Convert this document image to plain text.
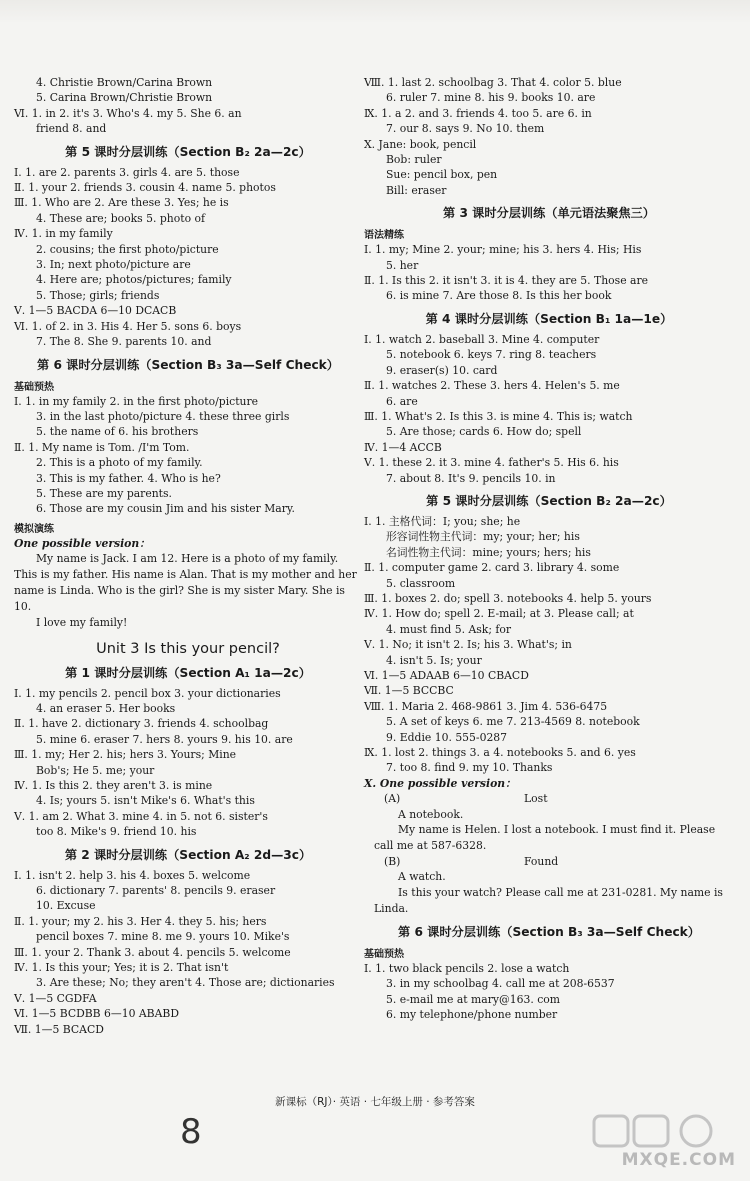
4. Christie Brown/Carina Brown
5. Carina Brown/Christie Brown
Ⅵ. 1. in 2. it's 3. Who's 4. my 5. She 6. an
friend 8. and
第 5 课时分层训练（Section B₂ 2a—2c）
Ⅰ. 1. are 2. parents 3. girls 4. are 5. those
Ⅱ. 1. your 2. friends 3. cousin 4. name 5. photos
Ⅲ. 1. Who are 2. Are these 3. Yes; he is
4. These are; books 5. photo of
Ⅳ. 1. in my family
2. cousins; the first photo/picture
3. In; next photo/picture are
4. Here are; photos/pictures; family
5. Those; girls; friends
Ⅴ. 1—5 BACDA 6—10 DCACB
Ⅵ. 1. of 2. in 3. His 4. Her 5. sons 6. boys
7. The 8. She 9. parents 10. and
第 6 课时分层训练（Section B₃ 3a—Self Check）
基础预热
Ⅰ. 1. in my family 2. in the first photo/picture
3. in the last photo/picture 4. these three girls
5. the name of 6. his brothers
Ⅱ. 1. My name is Tom. /I'm Tom.
2. This is a photo of my family.
3. This is my father. 4. Who is he?
5. These are my parents.
6. Those are my cousin Jim and his sister Mary.
模拟演练
One possible version：
My name is Jack. I am 12. Here is a photo of my family. This is my father. His name is Alan. That is my mother and her name is Linda. Who is the girl? She is my sister Mary. She is 10.
I love my family!
Unit 3 Is this your pencil?
第 1 课时分层训练（Section A₁ 1a—2c）
Ⅰ. 1. my pencils 2. pencil box 3. your dictionaries
4. an eraser 5. Her books
Ⅱ. 1. have 2. dictionary 3. friends 4. schoolbag
5. mine 6. eraser 7. hers 8. yours 9. his 10. are
Ⅲ. 1. my; Her 2. his; hers 3. Yours; Mine
Bob's; He 5. me; your
Ⅳ. 1. Is this 2. they aren't 3. is mine
4. Is; yours 5. isn't Mike's 6. What's this
Ⅴ. 1. am 2. What 3. mine 4. in 5. not 6. sister's
too 8. Mike's 9. friend 10. his
第 2 课时分层训练（Section A₂ 2d—3c）
Ⅰ. 1. isn't 2. help 3. his 4. boxes 5. welcome
6. dictionary 7. parents' 8. pencils 9. eraser
10. Excuse
Ⅱ. 1. your; my 2. his 3. Her 4. they 5. his; hers
pencil boxes 7. mine 8. me 9. yours 10. Mike's
Ⅲ. 1. your 2. Thank 3. about 4. pencils 5. welcome
Ⅳ. 1. Is this your; Yes; it is 2. That isn't
3. Are these; No; they aren't 4. Those are; dictionaries
Ⅴ. 1—5 CGDFA
Ⅵ. 1—5 BCDBB 6—10 ABABD
Ⅶ. 1—5 BCACD
Ⅷ. 1. last 2. schoolbag 3. That 4. color 5. blue
6. ruler 7. mine 8. his 9. books 10. are
Ⅸ. 1. a 2. and 3. friends 4. too 5. are 6. in
7. our 8. says 9. No 10. them
Ⅹ. Jane: book, pencil
Bob: ruler
Sue: pencil box, pen
Bill: eraser
第 3 课时分层训练（单元语法聚焦三）
语法精练
Ⅰ. 1. my; Mine 2. your; mine; his 3. hers 4. His; His
5. her
Ⅱ. 1. Is this 2. it isn't 3. it is 4. they are 5. Those are
6. is mine 7. Are those 8. Is this her book
第 4 课时分层训练（Section B₁ 1a—1e）
Ⅰ. 1. watch 2. baseball 3. Mine 4. computer
5. notebook 6. keys 7. ring 8. teachers
9. eraser(s) 10. card
Ⅱ. 1. watches 2. These 3. hers 4. Helen's 5. me
6. are
Ⅲ. 1. What's 2. Is this 3. is mine 4. This is; watch
5. Are those; cards 6. How do; spell
Ⅳ. 1—4 ACCB
Ⅴ. 1. these 2. it 3. mine 4. father's 5. His 6. his
7. about 8. It's 9. pencils 10. in
第 5 课时分层训练（Section B₂ 2a—2c）
Ⅰ. 1. 主格代词：I; you; she; he
形容词性物主代词：my; your; her; his
名词性物主代词：mine; yours; hers; his
Ⅱ. 1. computer game 2. card 3. library 4. some
5. classroom
Ⅲ. 1. boxes 2. do; spell 3. notebooks 4. help 5. yours
Ⅳ. 1. How do; spell 2. E-mail; at 3. Please call; at
4. must find 5. Ask; for
Ⅴ. 1. No; it isn't 2. Is; his 3. What's; in
4. isn't 5. Is; your
Ⅵ. 1—5 ADAAB 6—10 CBACD
Ⅶ. 1—5 BCCBC
Ⅷ. 1. Maria 2. 468-9861 3. Jim 4. 536-6475
5. A set of keys 6. me 7. 213-4569 8. notebook
9. Eddie 10. 555-0287
Ⅸ. 1. lost 2. things 3. a 4. notebooks 5. and 6. yes
7. too 8. find 9. my 10. Thanks
Ⅹ. One possible version：
(A)	Lost
A notebook.
My name is Helen. I lost a notebook. I must find it. Please call me at 587-6328.
(B)	Found
A watch.
Is this your watch? Please call me at 231-0281. My name is Linda.
第 6 课时分层训练（Section B₃ 3a—Self Check）
基础预热
Ⅰ. 1. two black pencils 2. lose a watch
3. in my schoolbag 4. call me at 208-6537
5. e-mail me at mary@163. com
6. my telephone/phone number
新课标（RJ）· 英语 · 七年级上册 · 参考答案
8
MXQE.COM
